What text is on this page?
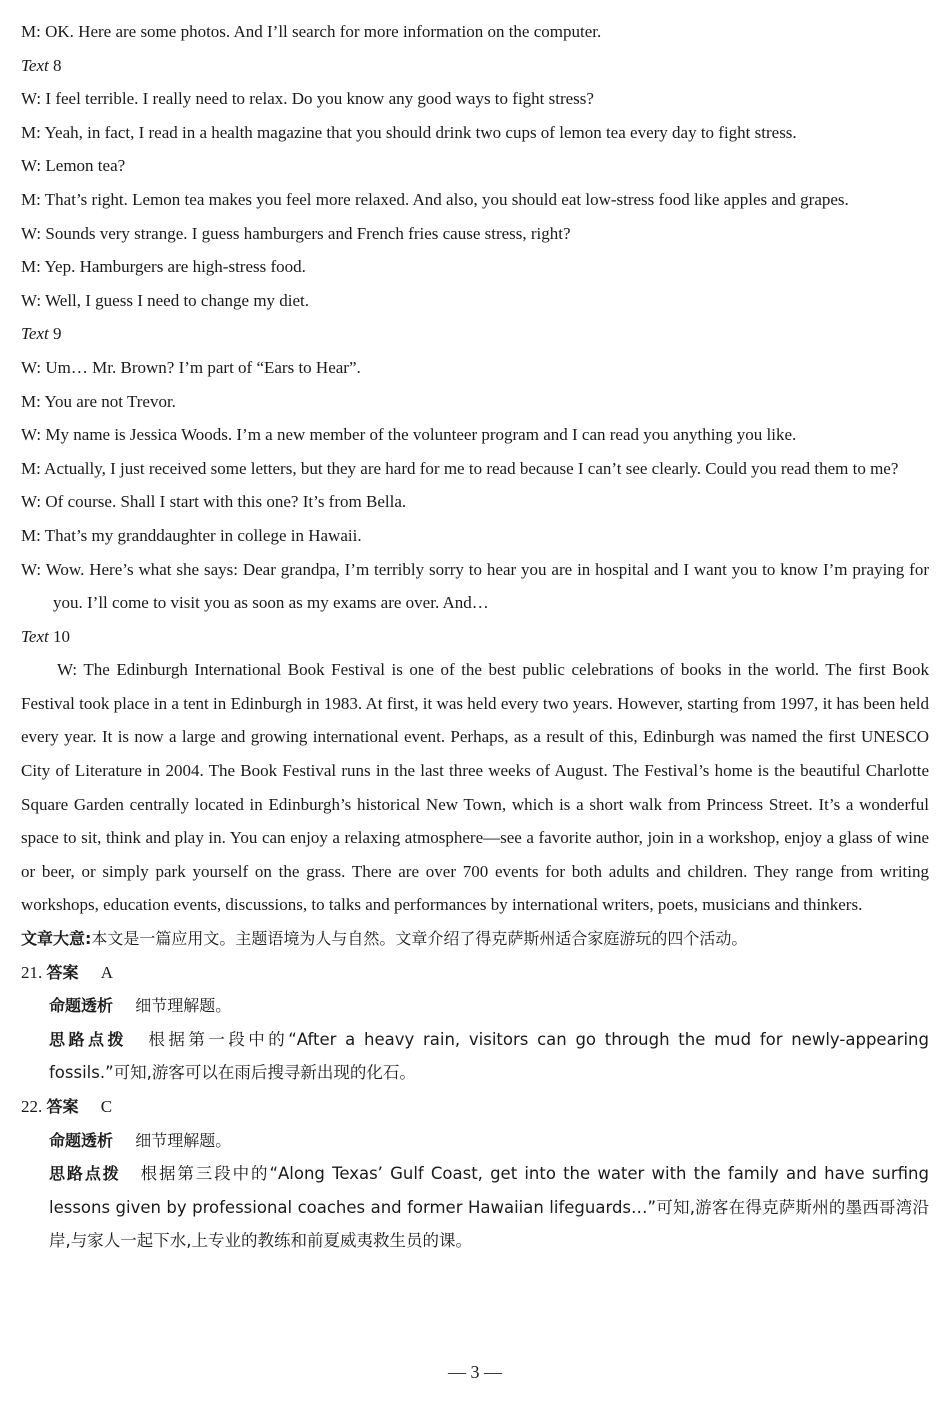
M: OK. Here are some photos. And I’ll search for more information on the computer.
Text 8
W: I feel terrible. I really need to relax. Do you know any good ways to fight stress?
M: Yeah, in fact, I read in a health magazine that you should drink two cups of lemon tea every day to fight stress.
W: Lemon tea?
M: That’s right. Lemon tea makes you feel more relaxed. And also, you should eat low-stress food like apples and grapes.
W: Sounds very strange. I guess hamburgers and French fries cause stress, right?
M: Yep. Hamburgers are high-stress food.
W: Well, I guess I need to change my diet.
Text 9
W: Um… Mr. Brown? I’m part of “Ears to Hear”.
M: You are not Trevor.
W: My name is Jessica Woods. I’m a new member of the volunteer program and I can read you anything you like.
M: Actually, I just received some letters, but they are hard for me to read because I can’t see clearly. Could you read them to me?
W: Of course. Shall I start with this one? It’s from Bella.
M: That’s my granddaughter in college in Hawaii.
W: Wow. Here’s what she says: Dear grandpa, I’m terribly sorry to hear you are in hospital and I want you to know I’m praying for you. I’ll come to visit you as soon as my exams are over. And…
Text 10
W: The Edinburgh International Book Festival is one of the best public celebrations of books in the world. The first Book Festival took place in a tent in Edinburgh in 1983. At first, it was held every two years. However, starting from 1997, it has been held every year. It is now a large and growing international event. Perhaps, as a result of this, Edinburgh was named the first UNESCO City of Literature in 2004. The Book Festival runs in the last three weeks of August. The Festival’s home is the beautiful Charlotte Square Garden centrally located in Edinburgh’s historical New Town, which is a short walk from Princess Street. It’s a wonderful space to sit, think and play in. You can enjoy a relaxing atmosphere—see a favorite author, join in a workshop, enjoy a glass of wine or beer, or simply park yourself on the grass. There are over 700 events for both adults and children. They range from writing workshops, education events, discussions, to talks and performances by international writers, poets, musicians and thinkers.
文章大意:本文是一篇应用文。主题语境为人与自然。文章介绍了得克萨斯州适合家庭游玩的四个活动。
21. 答案 A
命题透析 细节理解题。
思路点拨 根据第一段中的“After a heavy rain, visitors can go through the mud for newly-appearing fossils.”可知,游客可以在雨后搜寻新出现的化石。
22. 答案 C
命题透析 细节理解题。
思路点拨 根据第三段中的“Along Texas’ Gulf Coast, get into the water with the family and have surfing lessons given by professional coaches and former Hawaiian lifeguards…”可知,游客在得克萨斯州的墨西哥湾沿岸,与家人一起下水,上专业的教练和前夏威夷救生员的课。
— 3 —
